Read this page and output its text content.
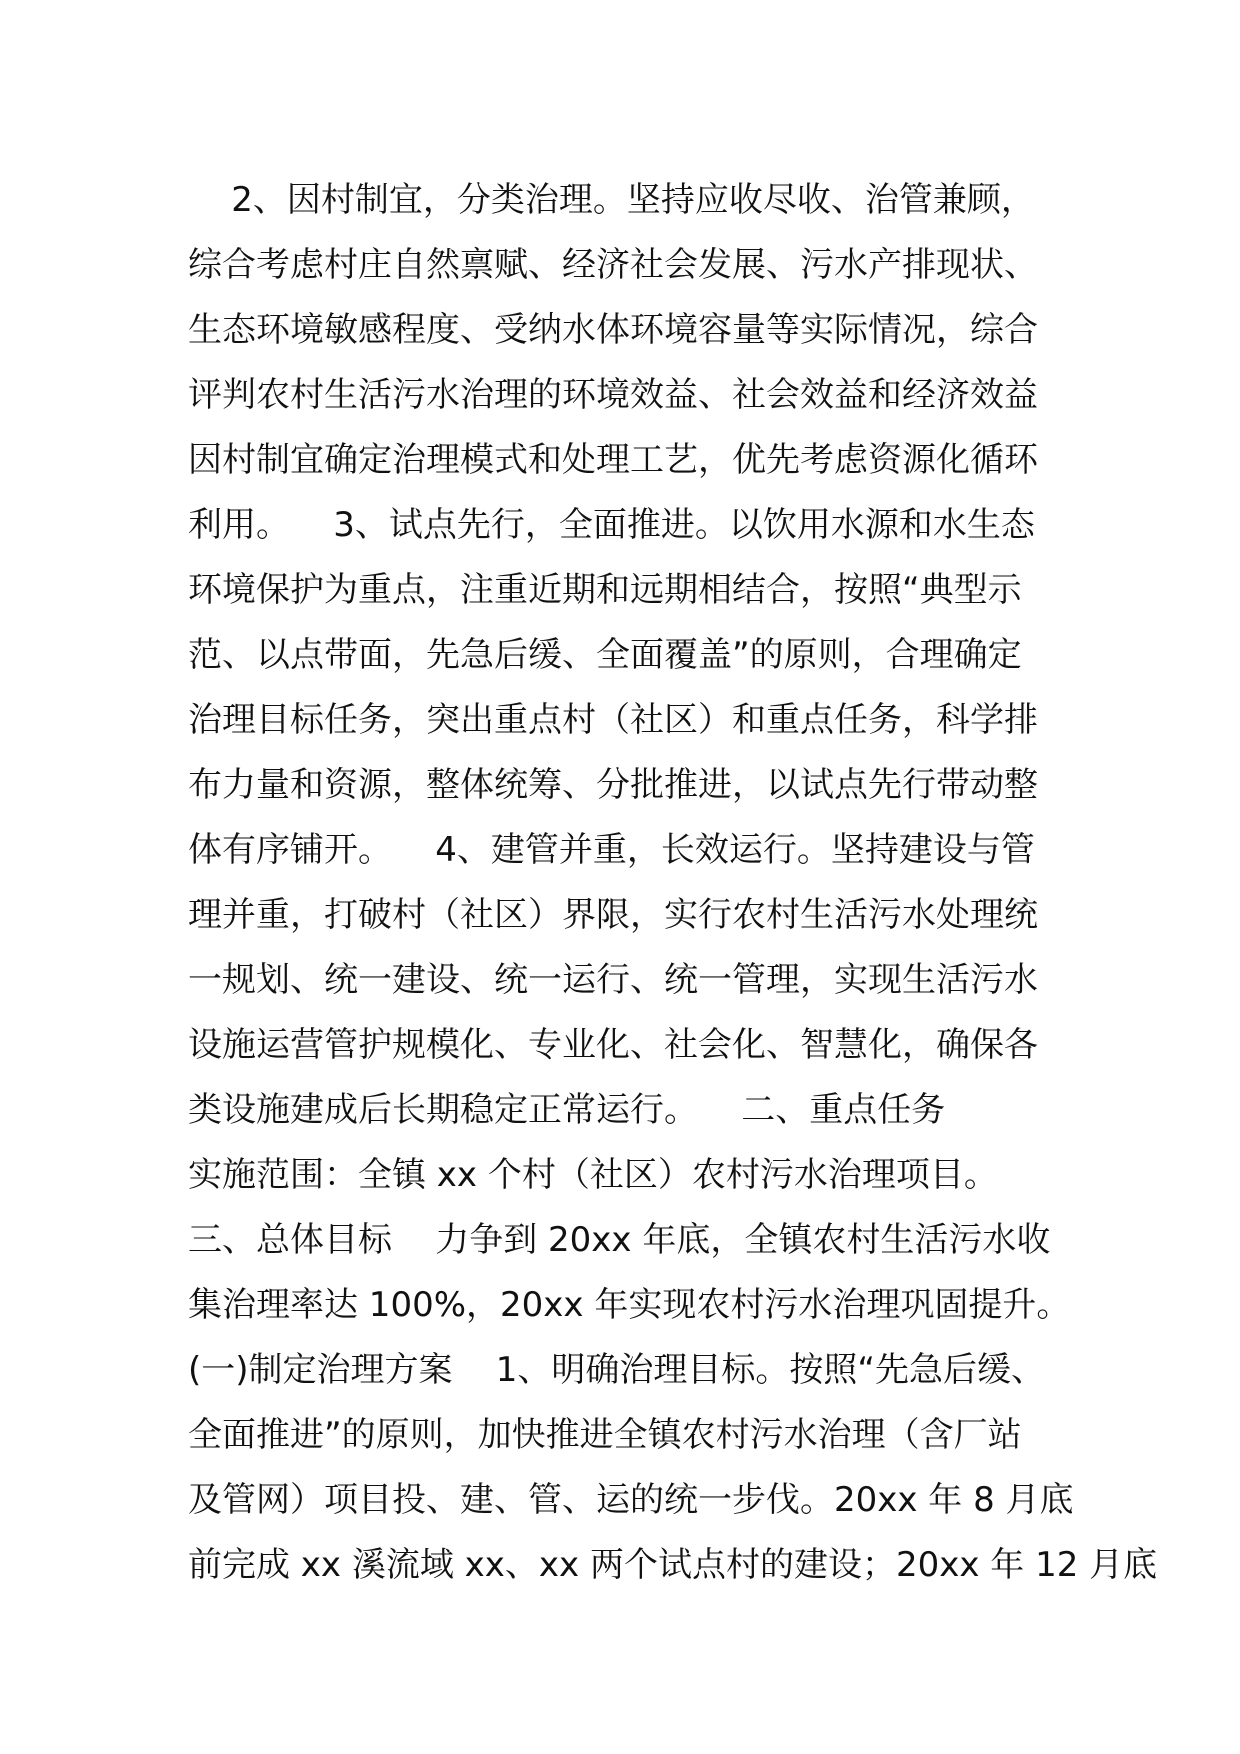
2、因村制宜，分类治理。坚持应收尽收、治管兼顾，
综合考虑村庄自然禀赋、经济社会发展、污水产排现状、
生态环境敏感程度、受纳水体环境容量等实际情况，综合
评判农村生活污水治理的环境效益、社会效益和经济效益
因村制宜确定治理模式和处理工艺，优先考虑资源化循环
利用。    3、试点先行，全面推进。以饮用水源和水生态
环境保护为重点，注重近期和远期相结合，按照“典型示
范、以点带面，先急后缓、全面覆盖”的原则，合理确定
治理目标任务，突出重点村（社区）和重点任务，科学排
布力量和资源，整体统筹、分批推进，以试点先行带动整
体有序铺开。    4、建管并重，长效运行。坚持建设与管
理并重，打破村（社区）界限，实行农村生活污水处理统
一规划、统一建设、统一运行、统一管理，实现生活污水
设施运营管护规模化、专业化、社会化、智慧化，确保各
类设施建成后长期稳定正常运行。    二、重点任务
实施范围：全镇 xx 个村（社区）农村污水治理项目。
三、总体目标    力争到 20xx 年底，全镇农村生活污水收
集治理率达 100%，20xx 年实现农村污水治理巩固提升。
(一)制定治理方案    1、明确治理目标。按照“先急后缓、
全面推进”的原则，加快推进全镇农村污水治理（含厂站
及管网）项目投、建、管、运的统一步伐。20xx 年 8 月底
前完成 xx 溪流域 xx、xx 两个试点村的建设；20xx 年 12 月底
